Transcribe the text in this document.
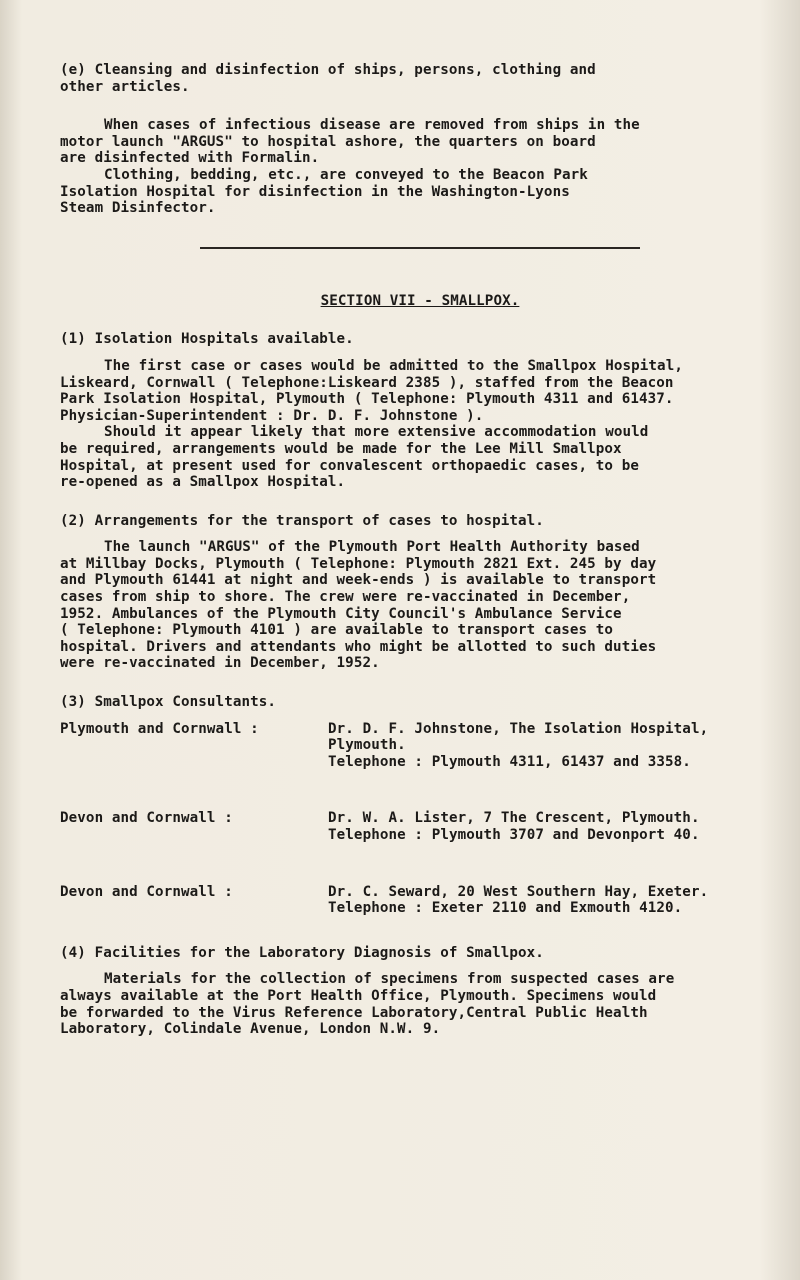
(e) Cleansing and disinfection of ships, persons, clothing and
other articles.

When cases of infectious disease are removed from ships in the
motor launch "ARGUS" to hospital ashore, the quarters on board
are disinfected with Formalin.

Clothing, bedding, etc., are conveyed to the Beacon Park
Isolation Hospital for disinfection in the Washington-Lyons
Steam Disinfector.

SECTION VII - SMALLPOX.

(1) Isolation Hospitals available.

The first case or cases would be admitted to the Smallpox Hospital,
Liskeard, Cornwall ( Telephone:Liskeard 2385 ), staffed from the Beacon
Park Isolation Hospital, Plymouth ( Telephone: Plymouth 4311 and 61437.
Physician-Superintendent : Dr. D. F. Johnstone ).

Should it appear likely that more extensive accommodation would
be required, arrangements would be made for the Lee Mill Smallpox
Hospital, at present used for convalescent orthopaedic cases, to be
re-opened as a Smallpox Hospital.

(2) Arrangements for the transport of cases to hospital.

The launch "ARGUS" of the Plymouth Port Health Authority based
at Millbay Docks, Plymouth ( Telephone: Plymouth 2821 Ext. 245 by day
and Plymouth 61441 at night and week-ends ) is available to transport
cases from ship to shore. The crew were re-vaccinated in December,
1952. Ambulances of the Plymouth City Council's Ambulance Service
( Telephone: Plymouth 4101 ) are available to transport cases to
hospital. Drivers and attendants who might be allotted to such duties
were re-vaccinated in December, 1952.

(3) Smallpox Consultants.

Plymouth and Cornwall :	Dr. D. F. Johnstone, The Isolation Hospital,
Plymouth.
Telephone : Plymouth 4311, 61437 and 3358.

Devon and Cornwall :	Dr. W. A. Lister, 7 The Crescent, Plymouth.
Telephone : Plymouth 3707 and Devonport 40.

Devon and Cornwall :	Dr. C. Seward, 20 West Southern Hay, Exeter.
Telephone : Exeter 2110 and Exmouth 4120.

(4) Facilities for the Laboratory Diagnosis of Smallpox.

Materials for the collection of specimens from suspected cases are
always available at the Port Health Office, Plymouth. Specimens would
be forwarded to the Virus Reference Laboratory,Central Public Health
Laboratory, Colindale Avenue, London N.W. 9.
